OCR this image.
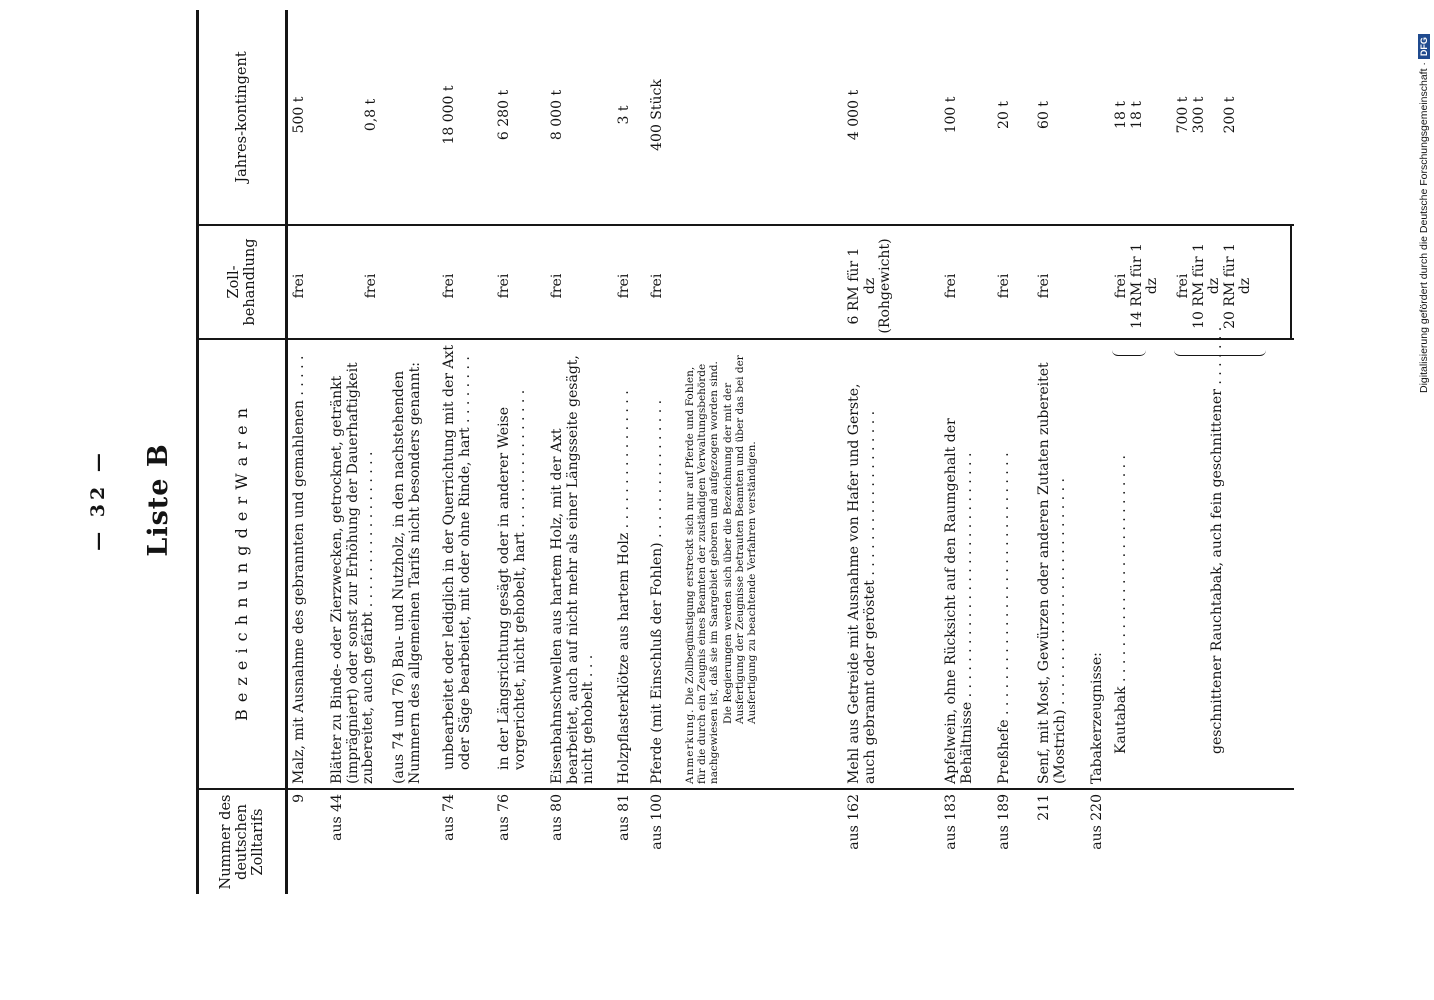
— 32 — Liste B
Nummer des deutschen Zolltarifs
B e z e i c h n u n g d e r W a r e n
Zoll-behandlung
Jahres-kontingent
9
Malz, mit Ausnahme des gebrannten und gemahlenen . . . . .
frei
500 t
aus 44
Blätter zu Binde- oder Zierzwecken, getrocknet, getränkt (imprägniert) oder sonst zur Erhöhung der Dauerhaftigkeit zubereitet, auch gefärbt . . . . . . . . . . . . . . . . . .
frei
0,8 t
(aus 74 und 76) Bau- und Nutzholz, in den nachstehenden Nummern des allgemeinen Tarifs nicht besonders genannt:
aus 74
unbearbeitet oder lediglich in der Querrichtung mit der Axt oder Säge bearbeitet, mit oder ohne Rinde, hart . . . . . . . .
frei
18 000 t
aus 76
in der Längsrichtung gesägt oder in anderer Weise vorgerichtet, nicht gehobelt, hart . . . . . . . . . . . . . . . .
frei
6 280 t
aus 80
Eisenbahnschwellen aus hartem Holz, mit der Axt bearbeitet, auch auf nicht mehr als einer Längsseite gesägt, nicht gehobelt . . .
frei
8 000 t
aus 81
Holzpflasterklötze aus hartem Holz . . . . . . . . . . . . . . . .
frei
3 t
aus 100
Pferde (mit Einschluß der Fohlen) . . . . . . . . . . . . . . . .
frei
400 Stück
Anmerkung. Die Zollbegünstigung erstreckt sich nur auf Pferde und Fohlen, für die durch ein Zeugnis eines Beamten der zuständigen Verwaltungsbehörde nachgewiesen ist, daß sie im Saargebiet geboren und aufgezogen worden sind. Die Regierungen werden sich über die Bezeichnung der mit der Ausfertigung der Zeugnisse betrauten Beamten und über das bei der Ausfertigung zu beachtende Verfahren verständigen.
aus 162
Mehl aus Getreide mit Ausnahme von Hafer und Gerste, auch gebrannt oder geröstet . . . . . . . . . . . . . . . . . . .
6 RM für 1 dz (Rohgewicht)
4 000 t
aus 183
Apfelwein, ohne Rücksicht auf den Raumgehalt der Behältnisse . . . . . . . . . . . . . . . . . . . . . . . . . . . .
frei
100 t
aus 189
Preßhefe . . . . . . . . . . . . . . . . . . . . . . . . . . . . . .
frei
20 t
211
Senf, mit Most, Gewürzen oder anderen Zutaten zubereitet (Mostrich) . . . . . . . . . . . . . . . . . . . . . . . . . .
frei
60 t
aus 220
Tabakerzeugnisse: Kautabak . . . . . . . . . . . . . . . . . . . . . . . . . .
frei 14 RM für 1 dz
18 t 18 t
geschnittener Rauchtabak, auch fein geschnittener . . . . . . .
frei 10 RM für 1 dz 20 RM für 1 dz
700 t 300 t 200 t	Digitalisierung gefördert durch die Deutsche Forschungsgemeinschaft ·
DFG
